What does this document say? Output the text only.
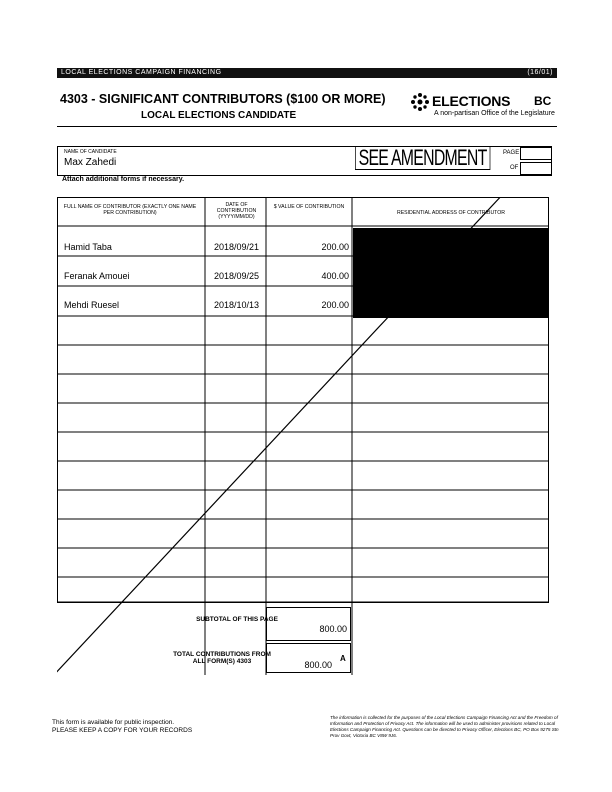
LOCAL ELECTIONS CAMPAIGN FINANCING	(16/01)
4303 - SIGNIFICANT CONTRIBUTORS ($100 OR MORE)
LOCAL ELECTIONS CANDIDATE
ELECTIONS BC
A non-partisan Office of the Legislature
NAME OF CANDIDATE
Max Zahedi	SEE AMENDMENT	PAGE
OF
Attach additional forms if necessary.
FULL NAME OF CONTRIBUTOR (EXACTLY ONE NAME PER CONTRIBUTION)
DATE OF CONTRIBUTION (YYYY/MM/DD)
$ VALUE OF CONTRIBUTION
RESIDENTIAL ADDRESS OF CONTRIBUTOR
Hamid Taba	2018/09/21	200.00
Feranak Amouei	2018/09/25	400.00
Mehdi Ruesel	2018/10/13	200.00
SUBTOTAL OF THIS PAGE
800.00
TOTAL CONTRIBUTIONS FROM ALL FORM(S) 4303	800.00
A
This form is available for public inspection.
PLEASE KEEP A COPY FOR YOUR RECORDS
The information is collected for the purposes of the Local Elections Campaign Financing Act and the Freedom of Information and Protection of Privacy Act. The information will be used to administer provisions related to Local Elections Campaign Financing Act. Questions can be directed to Privacy Officer, Elections BC, PO Box 9275 Stn Prov Govt, Victoria BC V8W 9J6.
